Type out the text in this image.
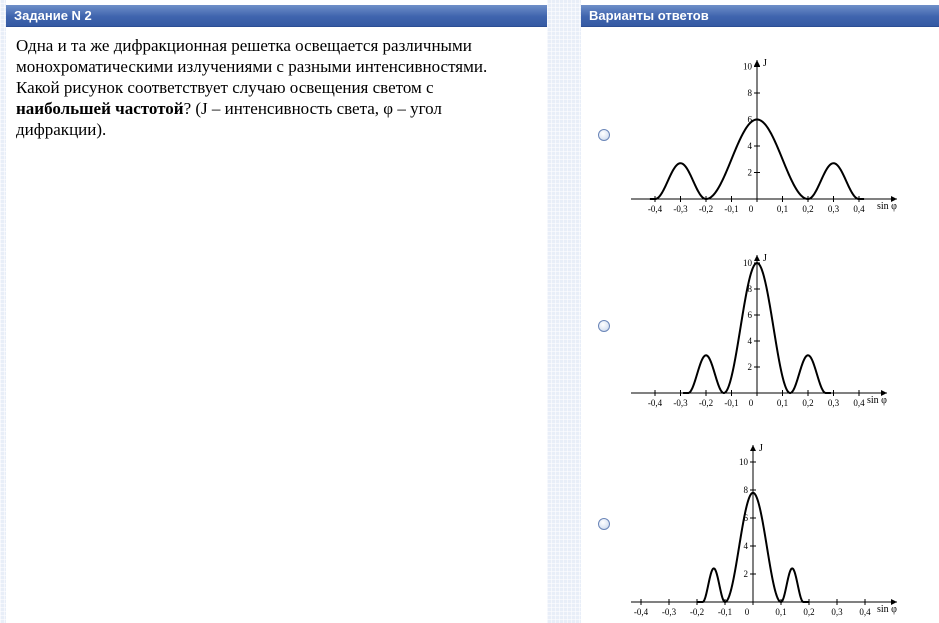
Задание N 2
Одна и та же дифракционная решетка освещается различными монохроматическими излучениями с разными интенсивностями. Какой рисунок соответствует случаю освещения светом с наибольшей частотой? (J – интенсивность света, φ – угол дифракции).
Варианты ответов
J
sin φ
-0,4 -0,3 -0,2 -0,1 0	0,1 0,2 0,3 0,4
2
4
6
8
10
J
sin φ
-0,4 -0,3 -0,2 -0,1 0	0,1 0,2 0,3 0,4
2
4
6
8
10
J
sin φ
-0,4 -0,3 -0,2 -0,1 0	0,1 0,2 0,3 0,4
2
4
6
8
10
